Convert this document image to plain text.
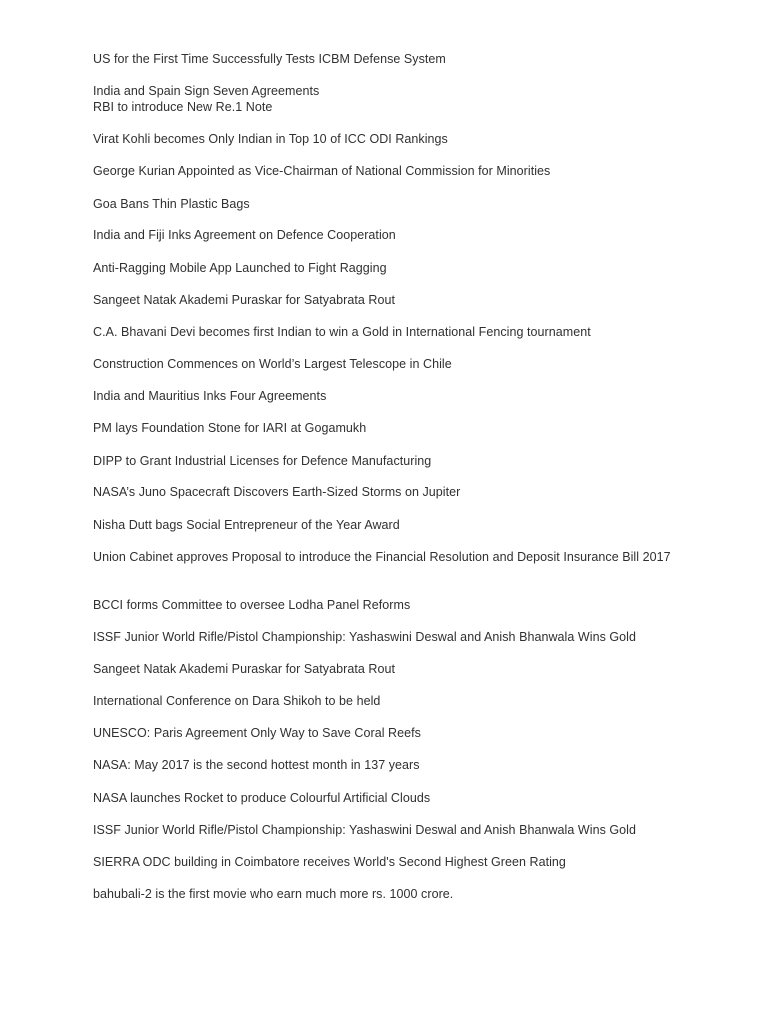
US for the First Time Successfully Tests ICBM Defense System
India and Spain Sign Seven Agreements
RBI to introduce New Re.1 Note
Virat Kohli becomes Only Indian in Top 10 of ICC ODI Rankings
George Kurian Appointed as Vice-Chairman of National Commission for Minorities
Goa Bans Thin Plastic Bags
India and Fiji Inks Agreement on Defence Cooperation
Anti-Ragging Mobile App Launched to Fight Ragging
Sangeet Natak Akademi Puraskar for Satyabrata Rout
C.A. Bhavani Devi becomes first Indian to win a Gold in International Fencing tournament
Construction Commences on World’s Largest Telescope in Chile
India and Mauritius Inks Four Agreements
PM lays Foundation Stone for IARI at Gogamukh
DIPP to Grant Industrial Licenses for Defence Manufacturing
NASA’s Juno Spacecraft Discovers Earth-Sized Storms on Jupiter
Nisha Dutt bags Social Entrepreneur of the Year Award
Union Cabinet approves Proposal to introduce the Financial Resolution and Deposit Insurance Bill 2017
BCCI forms Committee to oversee Lodha Panel Reforms
ISSF Junior World Rifle/Pistol Championship: Yashaswini Deswal and Anish Bhanwala Wins Gold
Sangeet Natak Akademi Puraskar for Satyabrata Rout
International Conference on Dara Shikoh to be held
UNESCO: Paris Agreement Only Way to Save Coral Reefs
NASA: May 2017 is the second hottest month in 137 years
NASA launches Rocket to produce Colourful Artificial Clouds
ISSF Junior World Rifle/Pistol Championship: Yashaswini Deswal and Anish Bhanwala Wins Gold
SIERRA ODC building in Coimbatore receives World's Second Highest Green Rating
bahubali-2 is the first movie who earn much more rs. 1000 crore.
